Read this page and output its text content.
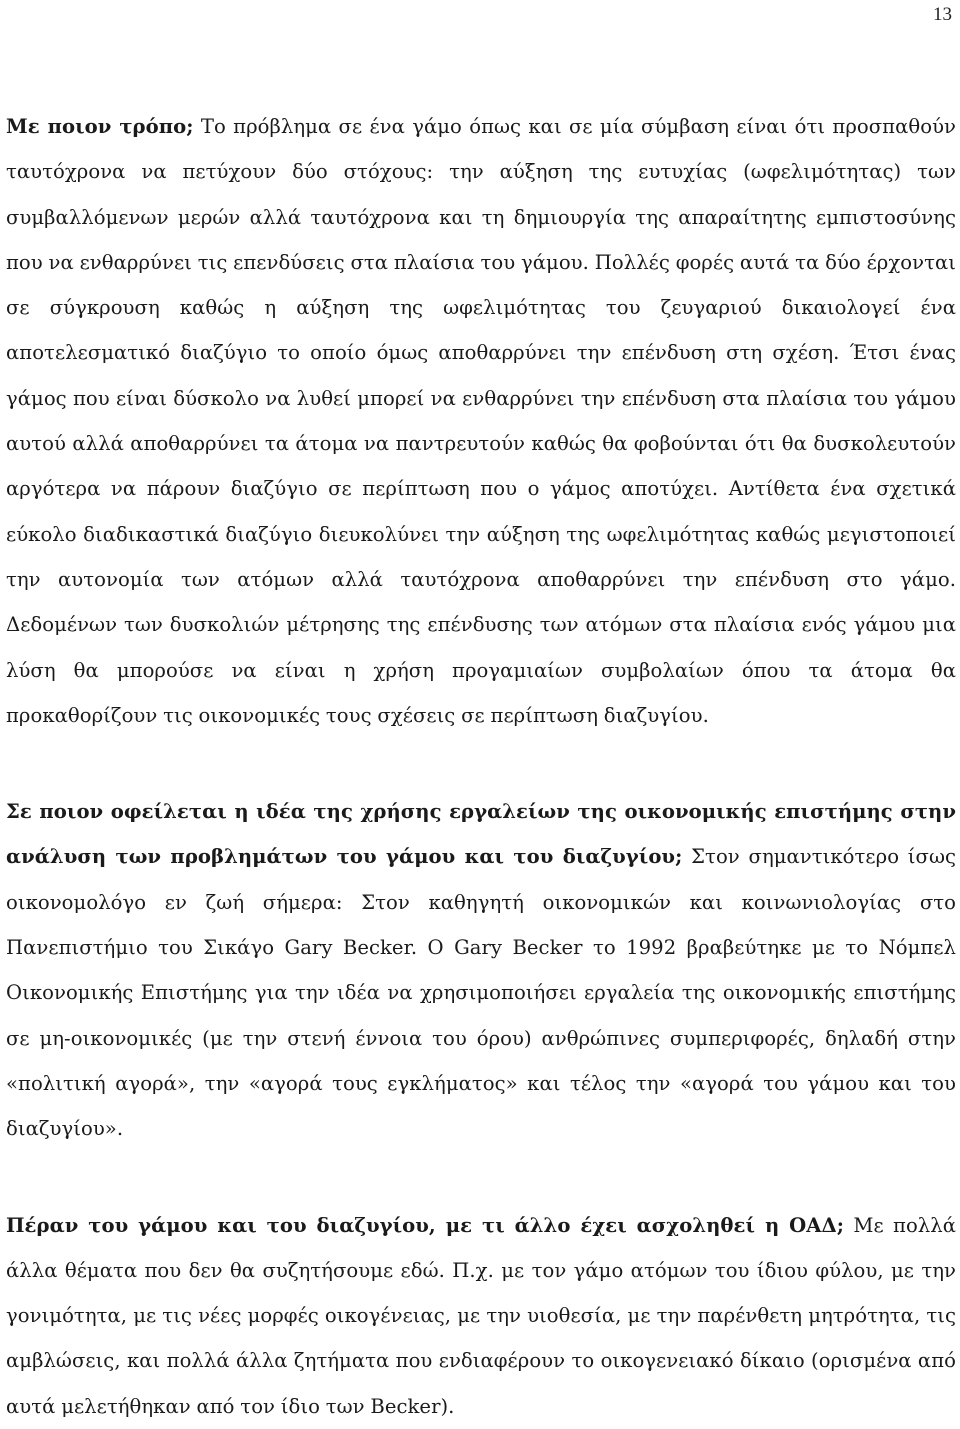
13

Με ποιον τρόπο; Το πρόβλημα σε ένα γάμο όπως και σε μία σύμβαση είναι ότι προσπαθούν ταυτόχρονα να πετύχουν δύο στόχους: την αύξηση της ευτυχίας (ωφελιμότητας) των συμβαλλόμενων μερών αλλά ταυτόχρονα και τη δημιουργία της απαραίτητης εμπιστοσύνης που να ενθαρρύνει τις επενδύσεις στα πλαίσια του γάμου. Πολλές φορές αυτά τα δύο έρχονται σε σύγκρουση καθώς η αύξηση της ωφελιμότητας του ζευγαριού δικαιολογεί ένα αποτελεσματικό διαζύγιο το οποίο όμως αποθαρρύνει την επένδυση στη σχέση. Έτσι ένας γάμος που είναι δύσκολο να λυθεί μπορεί να ενθαρρύνει την επένδυση στα πλαίσια του γάμου αυτού αλλά αποθαρρύνει τα άτομα να παντρευτούν καθώς θα φοβούνται ότι θα δυσκολευτούν αργότερα να πάρουν διαζύγιο σε περίπτωση που ο γάμος αποτύχει. Αντίθετα ένα σχετικά εύκολο διαδικαστικά διαζύγιο διευκολύνει την αύξηση της ωφελιμότητας καθώς μεγιστοποιεί την αυτονομία των ατόμων αλλά ταυτόχρονα αποθαρρύνει την επένδυση στο γάμο. Δεδομένων των δυσκολιών μέτρησης της επένδυσης των ατόμων στα πλαίσια ενός γάμου μια λύση θα μπορούσε να είναι η χρήση προγαμιαίων συμβολαίων όπου τα άτομα θα προκαθορίζουν τις οικονομικές τους σχέσεις σε περίπτωση διαζυγίου.

Σε ποιον οφείλεται η ιδέα της χρήσης εργαλείων της οικονομικής επιστήμης στην ανάλυση των προβλημάτων του γάμου και του διαζυγίου; Στον σημαντικότερο ίσως οικονομολόγο εν ζωή σήμερα: Στον καθηγητή οικονομικών και κοινωνιολογίας στο Πανεπιστήμιο του Σικάγο Gary Becker. O Gary Becker το 1992 βραβεύτηκε με το Νόμπελ Οικονομικής Επιστήμης για την ιδέα να χρησιμοποιήσει εργαλεία της οικονομικής επιστήμης σε μη-οικονομικές (με την στενή έννοια του όρου) ανθρώπινες συμπεριφορές, δηλαδή στην «πολιτική αγορά», την «αγορά τους εγκλήματος» και τέλος την «αγορά του γάμου και του διαζυγίου».

Πέραν του γάμου και του διαζυγίου, με τι άλλο έχει ασχοληθεί η ΟΑΔ; Με πολλά άλλα θέματα που δεν θα συζητήσουμε εδώ. Π.χ. με τον γάμο ατόμων του ίδιου φύλου, με την γονιμότητα, με τις νέες μορφές οικογένειας, με την υιοθεσία, με την παρένθετη μητρότητα, τις αμβλώσεις, και πολλά άλλα ζητήματα που ενδιαφέρουν το οικογενειακό δίκαιο (ορισμένα από αυτά μελετήθηκαν από τον ίδιο των Becker).
